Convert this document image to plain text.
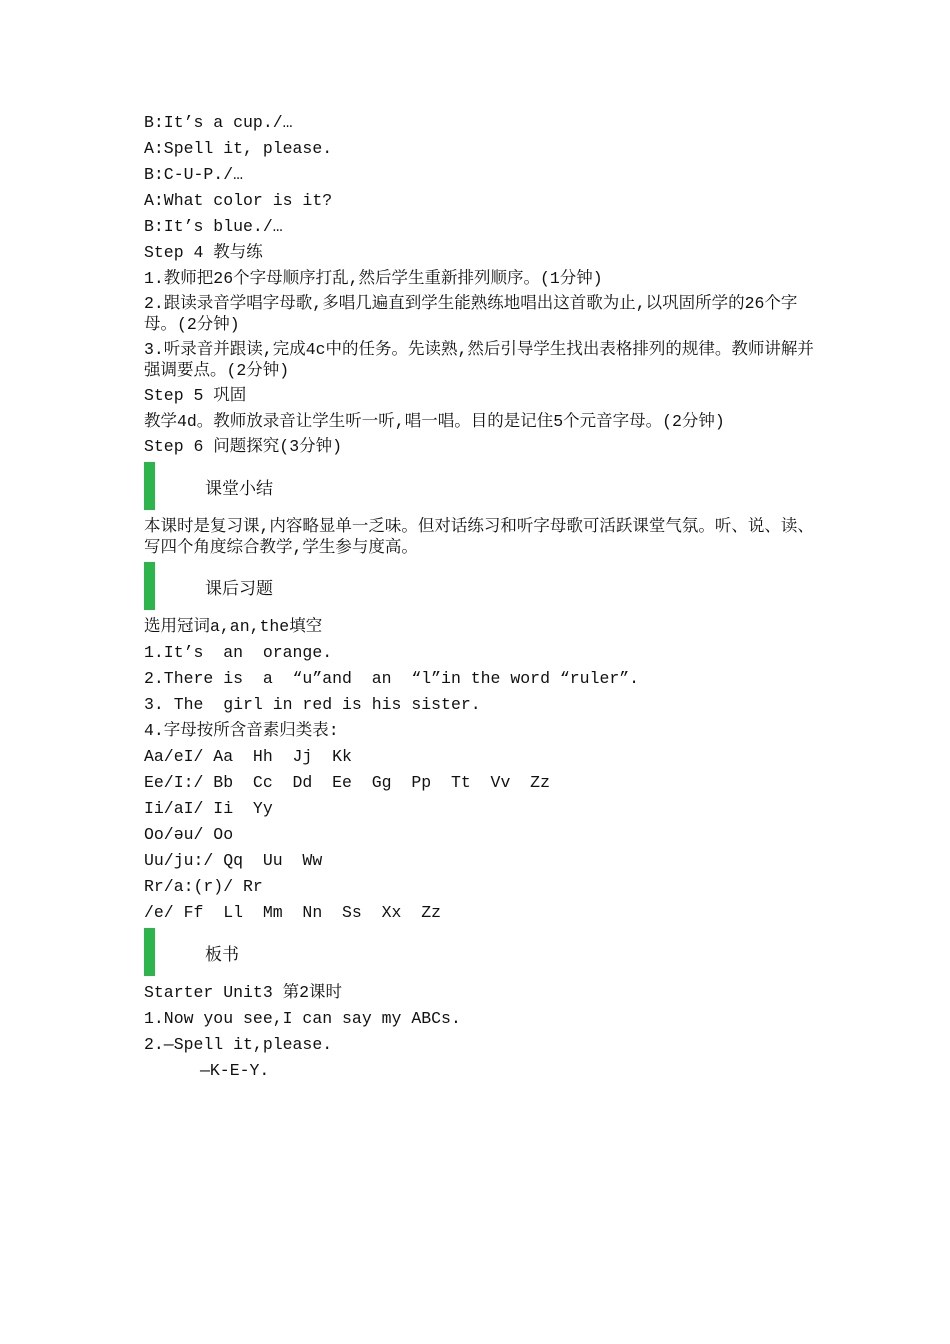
B:It’s a cup./…

A:Spell it, please.

B:C-U-P./…

A:What color is it?

B:It’s blue./…

Step 4 教与练

1.教师把26个字母顺序打乱,然后学生重新排列顺序。(1分钟)

2.跟读录音学唱字母歌,多唱几遍直到学生能熟练地唱出这首歌为止,以巩固所学的26个字母。(2分钟)

3.听录音并跟读,完成4c中的任务。先读熟,然后引导学生找出表格排列的规律。教师讲解并强调要点。(2分钟)

Step 5 巩固

教学4d。教师放录音让学生听一听,唱一唱。目的是记住5个元音字母。(2分钟)

Step 6 问题探究(3分钟)

课堂小结

本课时是复习课,内容略显单一乏味。但对话练习和听字母歌可活跃课堂气氛。听、说、读、写四个角度综合教学,学生参与度高。

课后习题

选用冠词a,an,the填空

1.It’s  an  orange.

2.There is  a  “u”and  an  “l”in the word “ruler”.

3. The  girl in red is his sister.

4.字母按所含音素归类表:

Aa/eI/ Aa  Hh  Jj  Kk

Ee/I:/ Bb  Cc  Dd  Ee  Gg  Pp  Tt  Vv  Zz

Ii/aI/ Ii  Yy

Oo/əu/ Oo

Uu/ju:/ Qq  Uu  Ww

Rr/a:(r)/ Rr

/e/ Ff  Ll  Mm  Nn  Ss  Xx  Zz

板书

Starter Unit3 第2课时

1.Now you see,I can say my ABCs.

2.—Spell it,please.

—K-E-Y.
